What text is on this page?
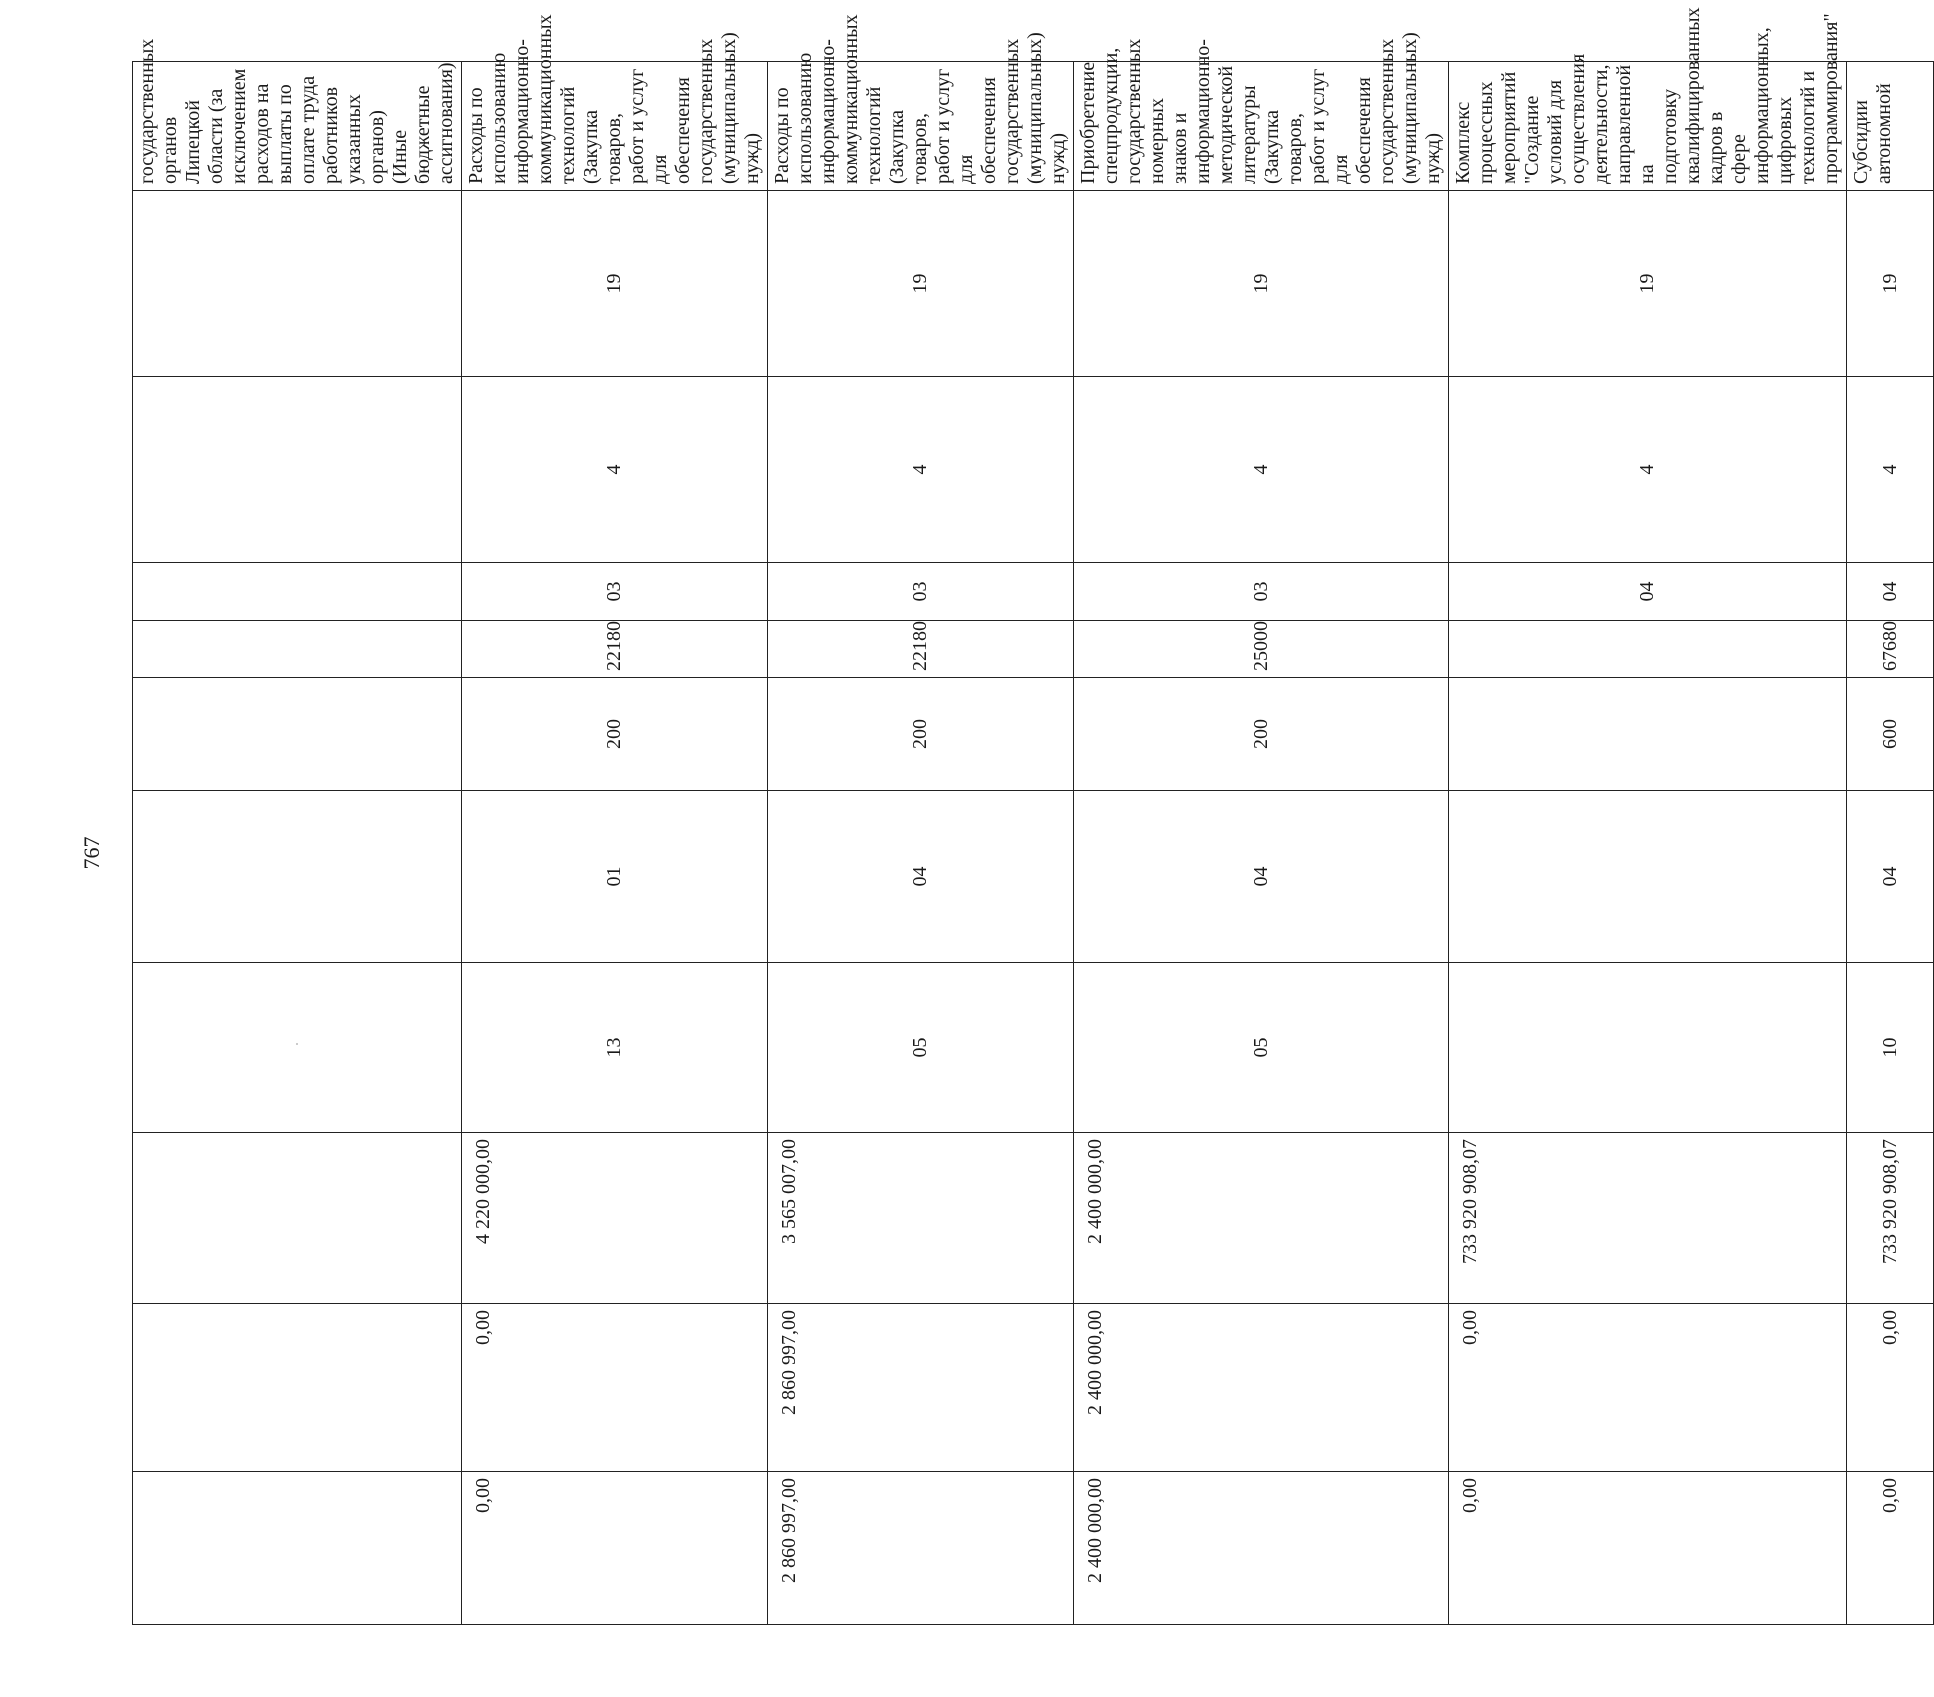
767
										государственных органов Липецкой области (за исключением расходов на выплаты по оплате труда работников указанных органов) (Иные бюджетные ассигнования)
0,00	0,00	4 220 000,00	13	01	200	22180	03	4	19	Расходы по использованию информационно-коммуникационных технологий (Закупка товаров, работ и услуг для обеспечения государственных (муниципальных) нужд)
2 860 997,00	2 860 997,00	3 565 007,00	05	04	200	22180	03	4	19	Расходы по использованию информационно-коммуникационных технологий (Закупка товаров, работ и услуг для обеспечения государственных (муниципальных) нужд)
2 400 000,00	2 400 000,00	2 400 000,00	05	04	200	25000	03	4	19	Приобретение спецпродукции, государственных номерных знаков и информационно-методической литературы (Закупка товаров, работ и услуг для обеспечения государственных (муниципальных) нужд)
0,00	0,00	733 920 908,07					04	4	19	Комплекс процессных мероприятий "Создание условий для осуществления деятельности, направленной на подготовку квалифицированных кадров в сфере информационных, цифровых технологий и программирования"
0,00	0,00	733 920 908,07	10	04	600	67680	04	4	19	Субсидии автономной
